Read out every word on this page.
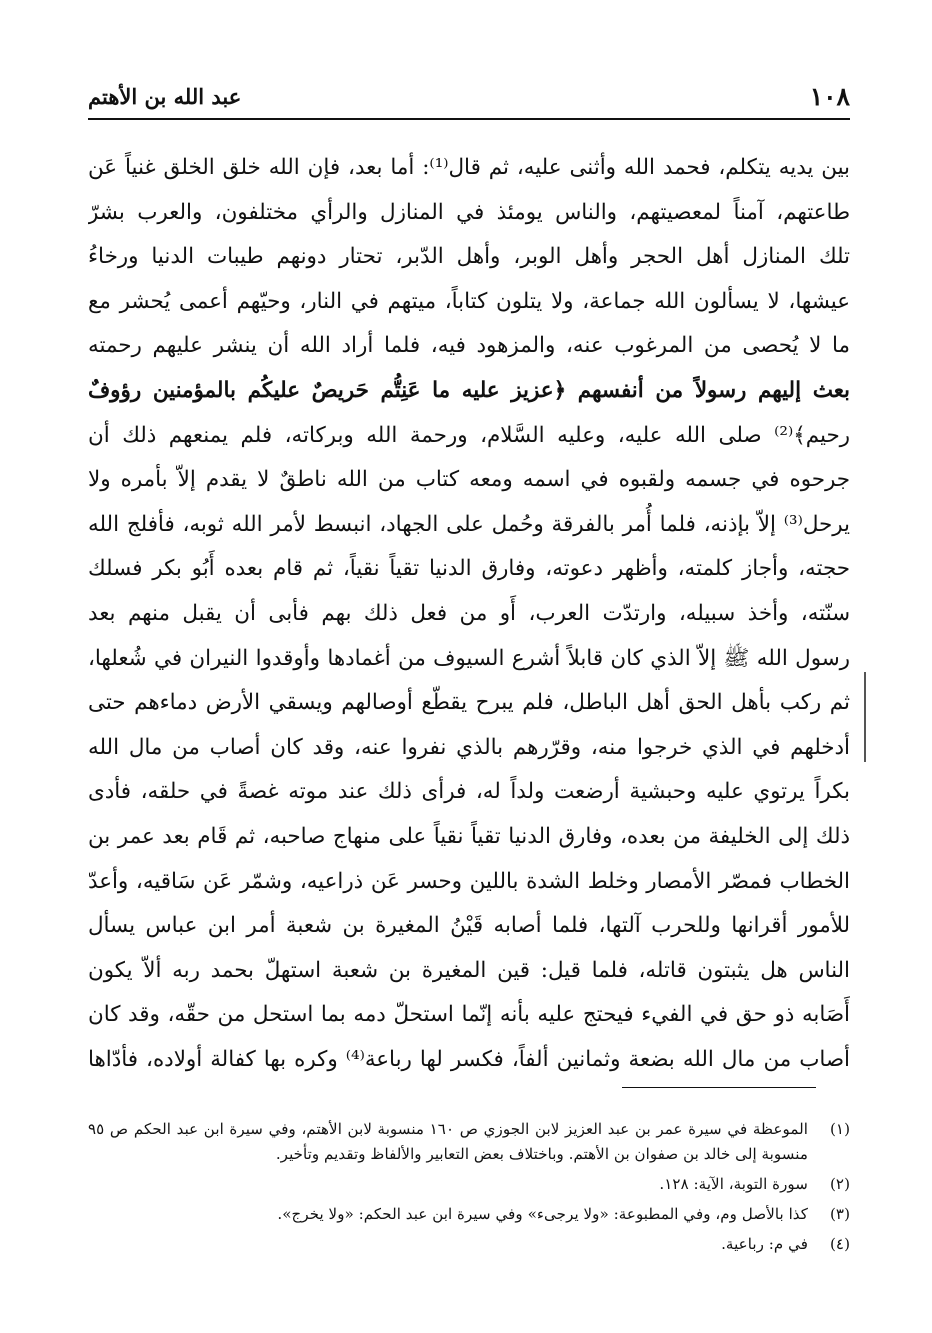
عبد الله بن الأهتم	١٠٨
بين يديه يتكلم، فحمد الله وأثنى عليه، ثم قال⁽¹⁾: أما بعد، فإن الله خلق الخلق غنياً عَن
طاعتهم، آمناً لمعصيتهم، والناس يومئذ في المنازل والرأي مختلفون، والعرب بشرّ
تلك المنازل أهل الحجر وأهل الوبر، وأهل الدّبر، تحتار دونهم طيبات الدنيا ورخاءُ
عيشها، لا يسألون الله جماعة، ولا يتلون كتاباً، ميتهم في النار، وحيّهم أعمى يُحشر مع
ما لا يُحصى من المرغوب عنه، والمزهود فيه، فلما أراد الله أن ينشر عليهم رحمته
بعث إليهم رسولاً من أنفسهم ﴿عزيز عليه ما عَنِتُّم حَريصٌ عليكُم بالمؤمنين رؤوفٌ
رحيم﴾⁽²⁾ صلى الله عليه، وعليه السَّلام، ورحمة الله وبركاته، فلم يمنعهم ذلك أن
جرحوه في جسمه ولقبوه في اسمه ومعه كتاب من الله ناطقٌ لا يقدم إلاّ بأمره ولا
يرحل⁽³⁾ إلاّ بإذنه، فلما أُمر بالفرقة وحُمل على الجهاد، انبسط لأمر الله ثوبه، فأفلج الله
حجته، وأجاز كلمته، وأظهر دعوته، وفارق الدنيا تقياً نقياً، ثم قام بعده أَبُو بكر فسلك
سنّته، وأخذ سبيله، وارتدّت العرب، أَو من فعل ذلك بهم فأبى أن يقبل منهم بعد
رسول الله ﷺ إلاّ الذي كان قابلاً أشرع السيوف من أغمادها وأوقدوا النيران في شُعلها،
ثم ركب بأهل الحق أهل الباطل، فلم يبرح يقطّع أوصالهم ويسقي الأرض دماءهم حتى
أدخلهم في الذي خرجوا منه، وقرّرهم بالذي نفروا عنه، وقد كان أصاب من مال الله
بكراً يرتوي عليه وحبشية أرضعت ولداً له، فرأى ذلك عند موته غصةً في حلقه، فأدى
ذلك إلى الخليفة من بعده، وفارق الدنيا تقياً نقياً على منهاج صاحبه، ثم قَام بعد عمر بن
الخطاب فمصّر الأمصار وخلط الشدة باللين وحسر عَن ذراعيه، وشمّر عَن سَاقيه، وأعدّ
للأمور أقرانها وللحرب آلتها، فلما أصابه قَيْنُ المغيرة بن شعبة أمر ابن عباس يسأل
الناس هل يثبتون قاتله، فلما قيل: قين المغيرة بن شعبة استهلّ بحمد ربه ألاّ يكون
أَصَابه ذو حق في الفيء فيحتج عليه بأنه إنّما استحلّ دمه بما استحل من حقّه، وقد كان
أصاب من مال الله بضعة وثمانين ألفاً، فكسر لها رباعة⁽⁴⁾ وكره بها كفالة أولاده، فأدّاها
(١)
الموعظة في سيرة عمر بن عبد العزيز لابن الجوزي ص ١٦٠ منسوبة لابن الأهتم، وفي سيرة ابن عبد الحكم ص ٩٥ منسوبة إلى خالد بن صفوان بن الأهتم. وباختلاف بعض التعابير والألفاظ وتقديم وتأخير.
(٢)
سورة التوبة، الآية: ١٢٨.
(٣)
كذا بالأصل وم، وفي المطبوعة: «ولا يرجىء» وفي سيرة ابن عبد الحكم: «ولا يخرج».
(٤)
في م: رباعية.
